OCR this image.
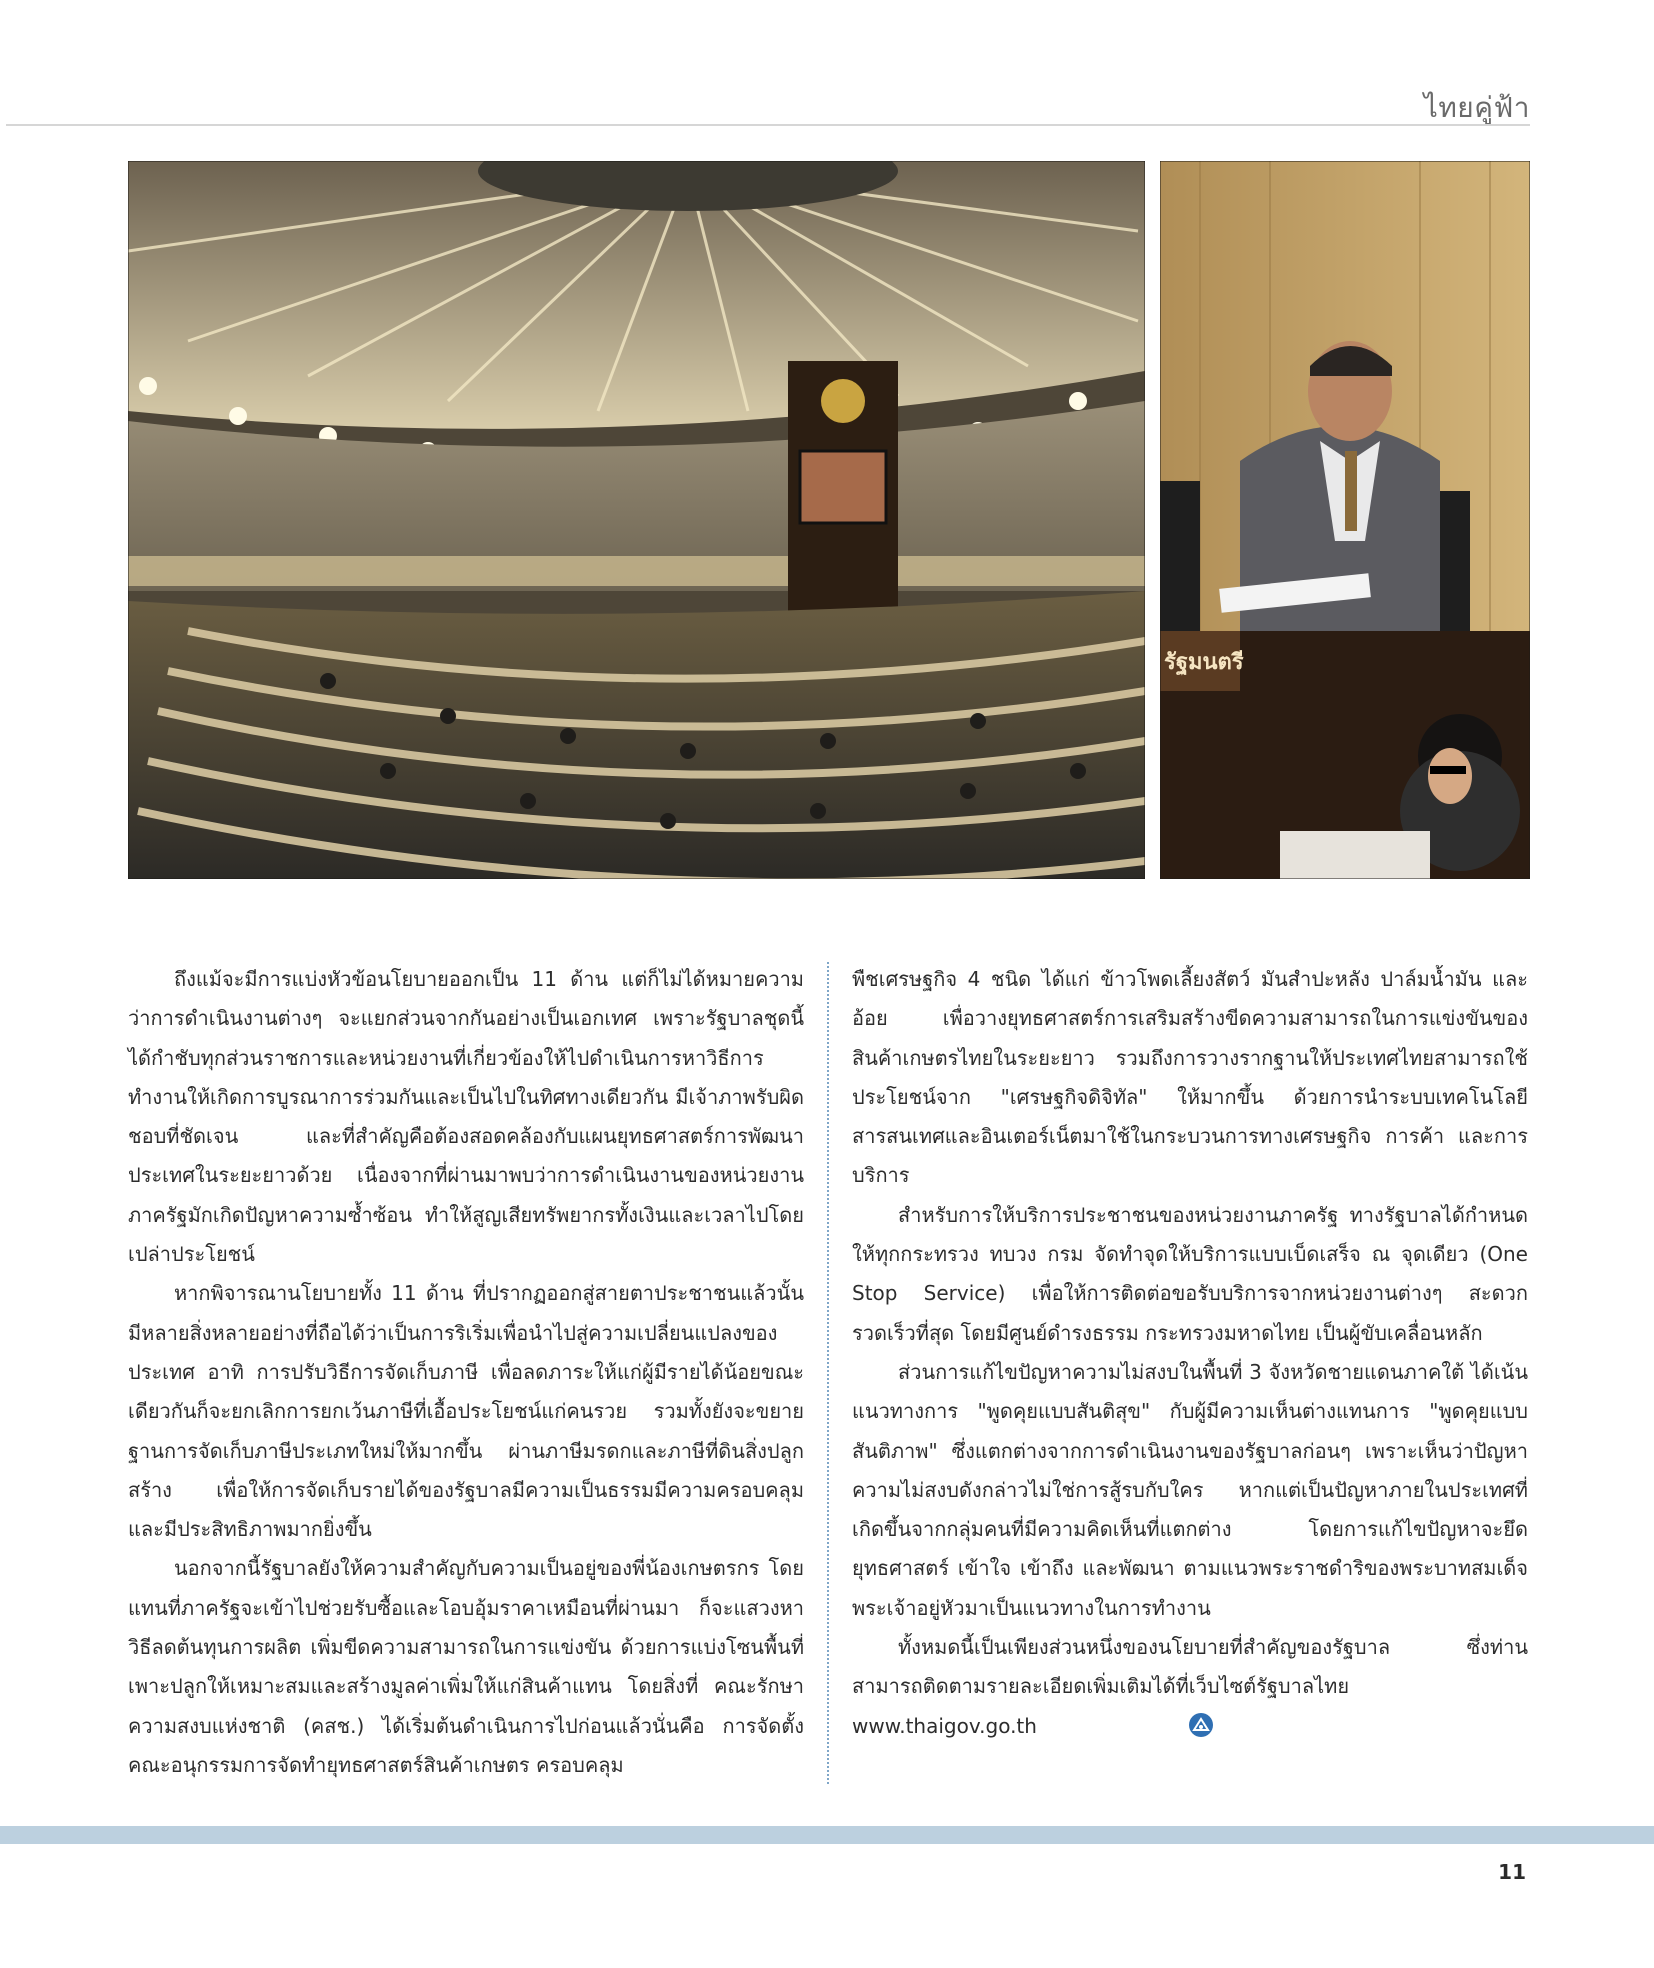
ไทยคู่ฟ้า
รัฐมนตรี

ถึงแม้จะมีการแบ่งหัวข้อนโยบายออกเป็น 11 ด้าน แต่ก็ไม่ได้หมายความว่าการดำเนินงานต่างๆ จะแยกส่วนจากกันอย่างเป็นเอกเทศ เพราะรัฐบาลชุดนี้ได้กำชับทุกส่วนราชการและหน่วยงานที่เกี่ยวข้องให้ไปดำเนินการหาวิธีการทำงานให้เกิดการบูรณาการร่วมกันและเป็นไปในทิศทางเดียวกัน มีเจ้าภาพรับผิดชอบที่ชัดเจน และที่สำคัญคือต้องสอดคล้องกับแผนยุทธศาสตร์การพัฒนาประเทศในระยะยาวด้วย เนื่องจากที่ผ่านมาพบว่าการดำเนินงานของหน่วยงานภาครัฐมักเกิดปัญหาความซ้ำซ้อน ทำให้สูญเสียทรัพยากรทั้งเงินและเวลาไปโดยเปล่าประโยชน์

หากพิจารณานโยบายทั้ง 11 ด้าน ที่ปรากฏออกสู่สายตาประชาชนแล้วนั้น มีหลายสิ่งหลายอย่างที่ถือได้ว่าเป็นการริเริ่มเพื่อนำไปสู่ความเปลี่ยนแปลงของประเทศ อาทิ การปรับวิธีการจัดเก็บภาษี เพื่อลดภาระให้แก่ผู้มีรายได้น้อยขณะเดียวกันก็จะยกเลิกการยกเว้นภาษีที่เอื้อประโยชน์แก่คนรวย รวมทั้งยังจะขยายฐานการจัดเก็บภาษีประเภทใหม่ให้มากขึ้น ผ่านภาษีมรดกและภาษีที่ดินสิ่งปลูกสร้าง เพื่อให้การจัดเก็บรายได้ของรัฐบาลมีความเป็นธรรมมีความครอบคลุม และมีประสิทธิภาพมากยิ่งขึ้น

นอกจากนี้รัฐบาลยังให้ความสำคัญกับความเป็นอยู่ของพี่น้องเกษตรกร โดยแทนที่ภาครัฐจะเข้าไปช่วยรับซื้อและโอบอุ้มราคาเหมือนที่ผ่านมา ก็จะแสวงหาวิธีลดต้นทุนการผลิต เพิ่มขีดความสามารถในการแข่งขัน ด้วยการแบ่งโซนพื้นที่เพาะปลูกให้เหมาะสมและสร้างมูลค่าเพิ่มให้แก่สินค้าแทน โดยสิ่งที่ คณะรักษาความสงบแห่งชาติ (คสช.) ได้เริ่มต้นดำเนินการไปก่อนแล้วนั่นคือ การจัดตั้งคณะอนุกรรมการจัดทำยุทธศาสตร์สินค้าเกษตร ครอบคลุม

พืชเศรษฐกิจ 4 ชนิด ได้แก่ ข้าวโพดเลี้ยงสัตว์ มันสำปะหลัง ปาล์มน้ำมัน และอ้อย เพื่อวางยุทธศาสตร์การเสริมสร้างขีดความสามารถในการแข่งขันของสินค้าเกษตรไทยในระยะยาว รวมถึงการวางรากฐานให้ประเทศไทยสามารถใช้ประโยชน์จาก "เศรษฐกิจดิจิทัล" ให้มากขึ้น ด้วยการนำระบบเทคโนโลยีสารสนเทศและอินเตอร์เน็ตมาใช้ในกระบวนการทางเศรษฐกิจ การค้า และการบริการ

สำหรับการให้บริการประชาชนของหน่วยงานภาครัฐ ทางรัฐบาลได้กำหนดให้ทุกกระทรวง ทบวง กรม จัดทำจุดให้บริการแบบเบ็ดเสร็จ ณ จุดเดียว (One Stop Service) เพื่อให้การติดต่อขอรับบริการจากหน่วยงานต่างๆ สะดวกรวดเร็วที่สุด โดยมีศูนย์ดำรงธรรม กระทรวงมหาดไทย เป็นผู้ขับเคลื่อนหลัก

ส่วนการแก้ไขปัญหาความไม่สงบในพื้นที่ 3 จังหวัดชายแดนภาคใต้ ได้เน้นแนวทางการ "พูดคุยแบบสันติสุข" กับผู้มีความเห็นต่างแทนการ "พูดคุยแบบสันติภาพ" ซึ่งแตกต่างจากการดำเนินงานของรัฐบาลก่อนๆ เพราะเห็นว่าปัญหาความไม่สงบดังกล่าวไม่ใช่การสู้รบกับใคร หากแต่เป็นปัญหาภายในประเทศที่เกิดขึ้นจากกลุ่มคนที่มีความคิดเห็นที่แตกต่าง โดยการแก้ไขปัญหาจะยึดยุทธศาสตร์ เข้าใจ เข้าถึง และพัฒนา ตามแนวพระราชดำริของพระบาทสมเด็จพระเจ้าอยู่หัวมาเป็นแนวทางในการทำงาน

ทั้งหมดนี้เป็นเพียงส่วนหนึ่งของนโยบายที่สำคัญของรัฐบาล ซึ่งท่านสามารถติดตามรายละเอียดเพิ่มเติมได้ที่เว็บไซต์รัฐบาลไทย www.thaigov.go.th

11
